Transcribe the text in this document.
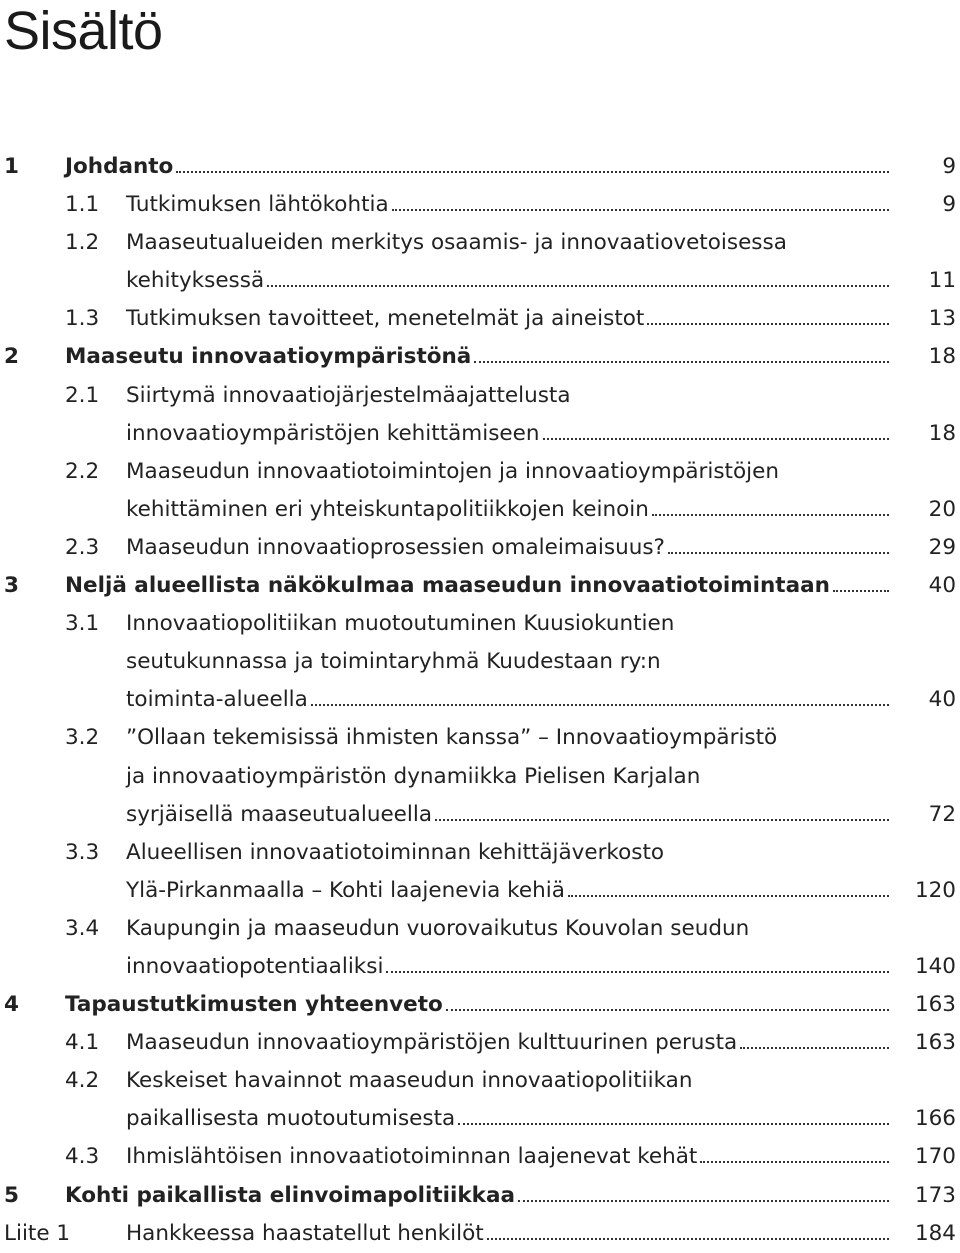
Sisältö
1 Johdanto	9
1.1 Tutkimuksen lähtökohtia	9
1.2 Maaseutualueiden merkitys osaamis- ja innovaatiovetoisessa
kehityksessä	11
1.3 Tutkimuksen tavoitteet, menetelmät ja aineistot	13
2 Maaseutu innovaatioympäristönä	18
2.1 Siirtymä innovaatiojärjestelmäajattelusta
innovaatioympäristöjen kehittämiseen	18
2.2 Maaseudun innovaatiotoimintojen ja innovaatioympäristöjen
kehittäminen eri yhteiskuntapolitiikkojen keinoin	20
2.3 Maaseudun innovaatioprosessien omaleimaisuus?	29
3 Neljä alueellista näkökulmaa maaseudun innovaatiotoimintaan	40
3.1 Innovaatiopolitiikan muotoutuminen Kuusiokuntien
seutukunnassa ja toimintaryhmä Kuudestaan ry:n
toiminta-alueella	40
3.2 ”Ollaan tekemisissä ihmisten kanssa” – Innovaatioympäristö
ja innovaatioympäristön dynamiikka Pielisen Karjalan
syrjäisellä maaseutualueella	72
3.3 Alueellisen innovaatiotoiminnan kehittäjäverkosto
Ylä-Pirkanmaalla – Kohti laajenevia kehiä	120
3.4 Kaupungin ja maaseudun vuorovaikutus Kouvolan seudun
innovaatiopotentiaaliksi	140
4 Tapaustutkimusten yhteenveto	163
4.1 Maaseudun innovaatioympäristöjen kulttuurinen perusta	163
4.2 Keskeiset havainnot maaseudun innovaatiopolitiikan
paikallisesta muotoutumisesta	166
4.3 Ihmislähtöisen innovaatiotoiminnan laajenevat kehät	170
5 Kohti paikallista elinvoimapolitiikkaa	173
Liite 1	Hankkeessa haastatellut henkilöt	184
